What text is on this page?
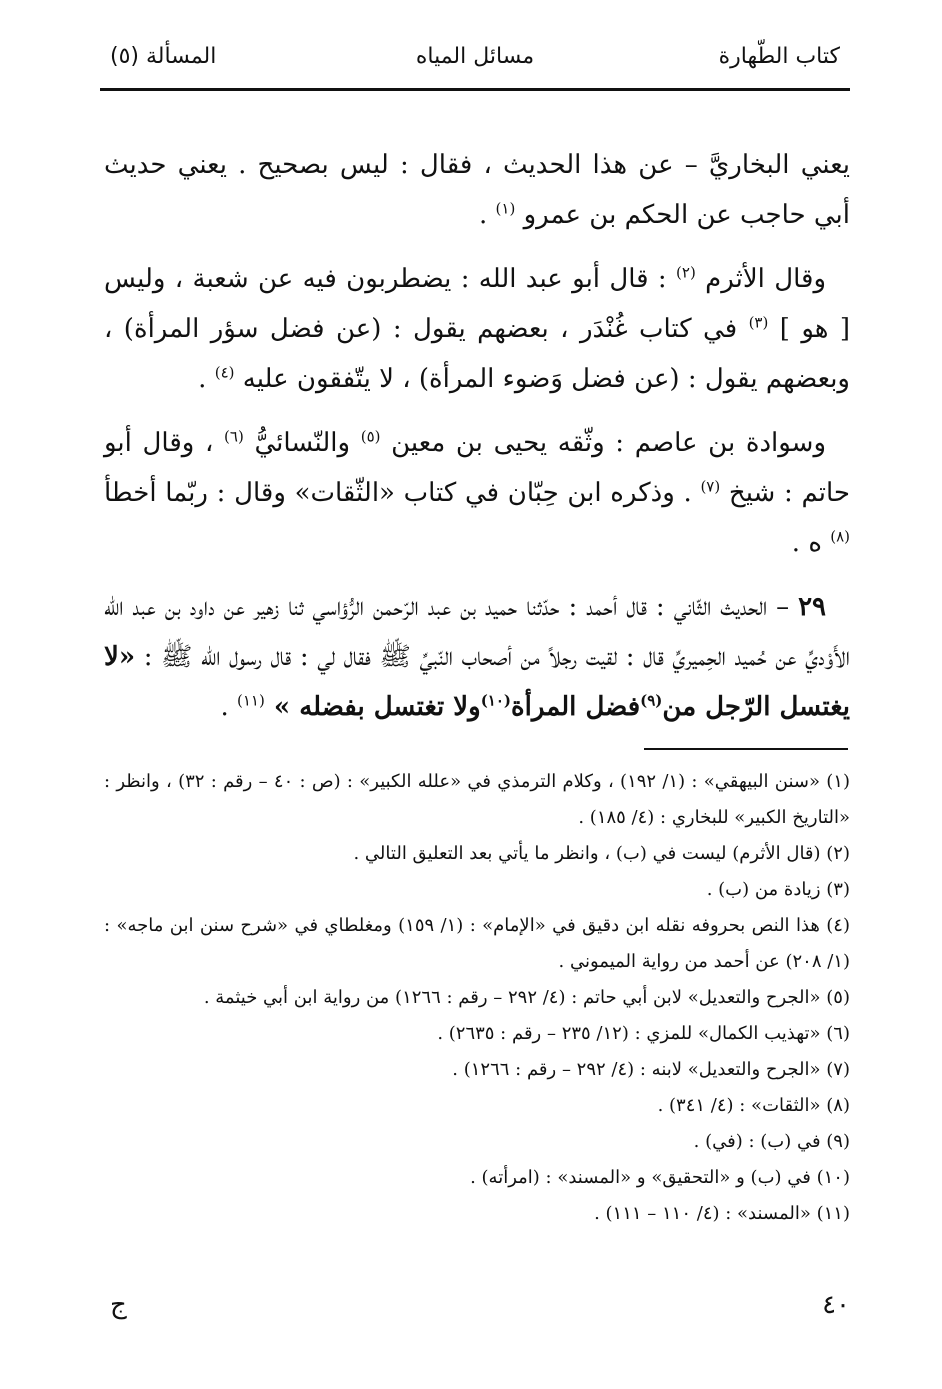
كتاب الطّهارة
مسائل المياه
المسألة (٥)

يعني البخاريَّ – عن هذا الحديث ، فقال : ليس بصحيح . يعني حديث أبي حاجب عن الحكم بن عمرو $^{(١)}$ .

وقال الأثرم $^{(٢)}$ : قال أبو عبد الله : يضطربون فيه عن شعبة ، وليس [ هو ] $^{(٣)}$ في كتاب غُنْدَر ، بعضهم يقول : (عن فضل سؤر المرأة) ، وبعضهم يقول : (عن فضل وَضوء المرأة) ، لا يتّفقون عليه $^{(٤)}$ .

وسوادة بن عاصم : وثّقه يحيى بن معين $^{(٥)}$ والنّسائيُّ $^{(٦)}$ ، وقال أبو حاتم : شيخ $^{(٧)}$ . وذكره ابن حِبّان في كتاب «الثّقات» وقال : ربّما أخطأ $^{(٨)}$ ﻩ .

٢٩ – الحديث الثّاني : قال أحمد : حدّثنا حميد بن عبد الرّحمن الرُّؤاسي ثنا زهير عن داود بن عبد الله الأَوْديِّ عن حُميد الحِميريِّ قال : لقيت رجلاً من أصحاب النّبيِّ ﷺ فقال لي : قال رسول الله ﷺ : «لا يغتسل الرّجل من$^{(٩)}$فضل المرأة$^{(١٠)}$ولا تغتسل بفضله » $^{(١١)}$ .

(١) «سنن البيهقي» : (١/ ١٩٢) ، وكلام الترمذي في «علله الكبير» : (ص : ٤٠ – رقم : ٣٢) ، وانظر : «التاريخ الكبير» للبخاري : (٤/ ١٨٥) .

(٢) (قال الأثرم) ليست في (ب) ، وانظر ما يأتي بعد التعليق التالي .

(٣) زيادة من (ب) .

(٤) هذا النص بحروفه نقله ابن دقيق في «الإمام» : (١/ ١٥٩) ومغلطاي في «شرح سنن ابن ماجه» : (١/ ٢٠٨) عن أحمد من رواية الميموني .

(٥) «الجرح والتعديل» لابن أبي حاتم : (٤/ ٢٩٢ – رقم : ١٢٦٦) من رواية ابن أبي خيثمة .

(٦) «تهذيب الكمال» للمزي : (١٢/ ٢٣٥ – رقم : ٢٦٣٥) .

(٧) «الجرح والتعديل» لابنه : (٤/ ٢٩٢ – رقم : ١٢٦٦) .

(٨) «الثقات» : (٤/ ٣٤١) .

(٩) في (ب) : (في) .

(١٠) في (ب) و «التحقيق» و «المسند» : (امرأته) .

(١١) «المسند» : (٤/ ١١٠ – ١١١) .

٤٠
ج
